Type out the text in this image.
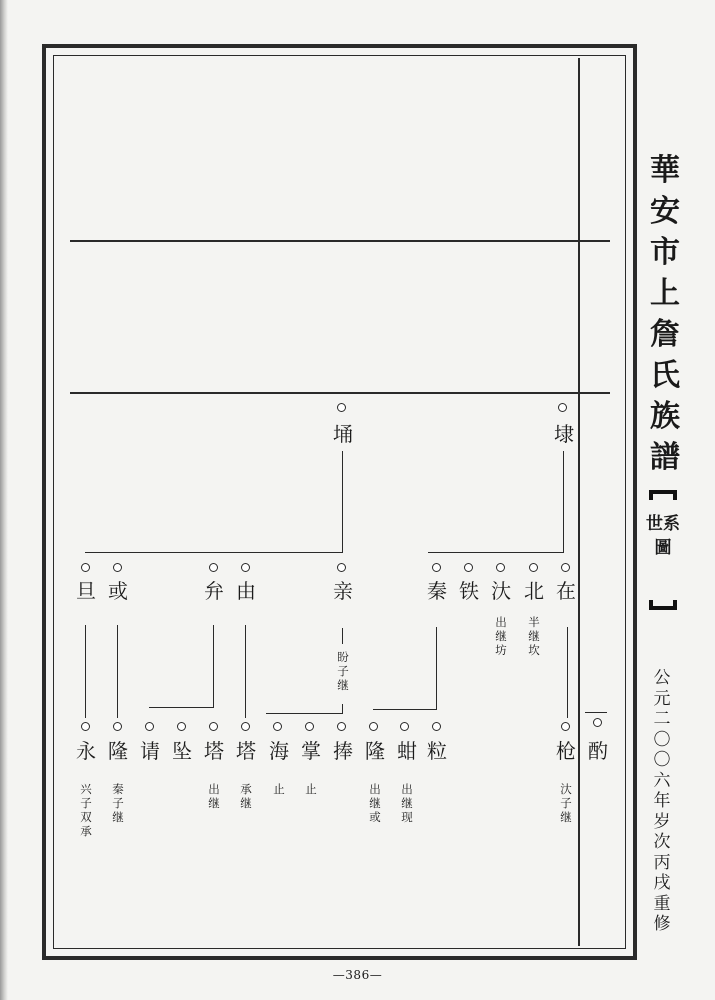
華安市上詹氏族譜
世系圖
公元二〇〇六年岁次丙戌重修
埇	埭
旦 或	弁 由	亲
盼子继
秦 铁 汏
出继坊
北
半继坎
在
永
兴子双承
隆
秦子继
请 坠 塔
出继
塔
承继
海
止
掌
止
捧 隆
出继或
蚶
出继现
粒	枪
汏子继
酌
—386—
